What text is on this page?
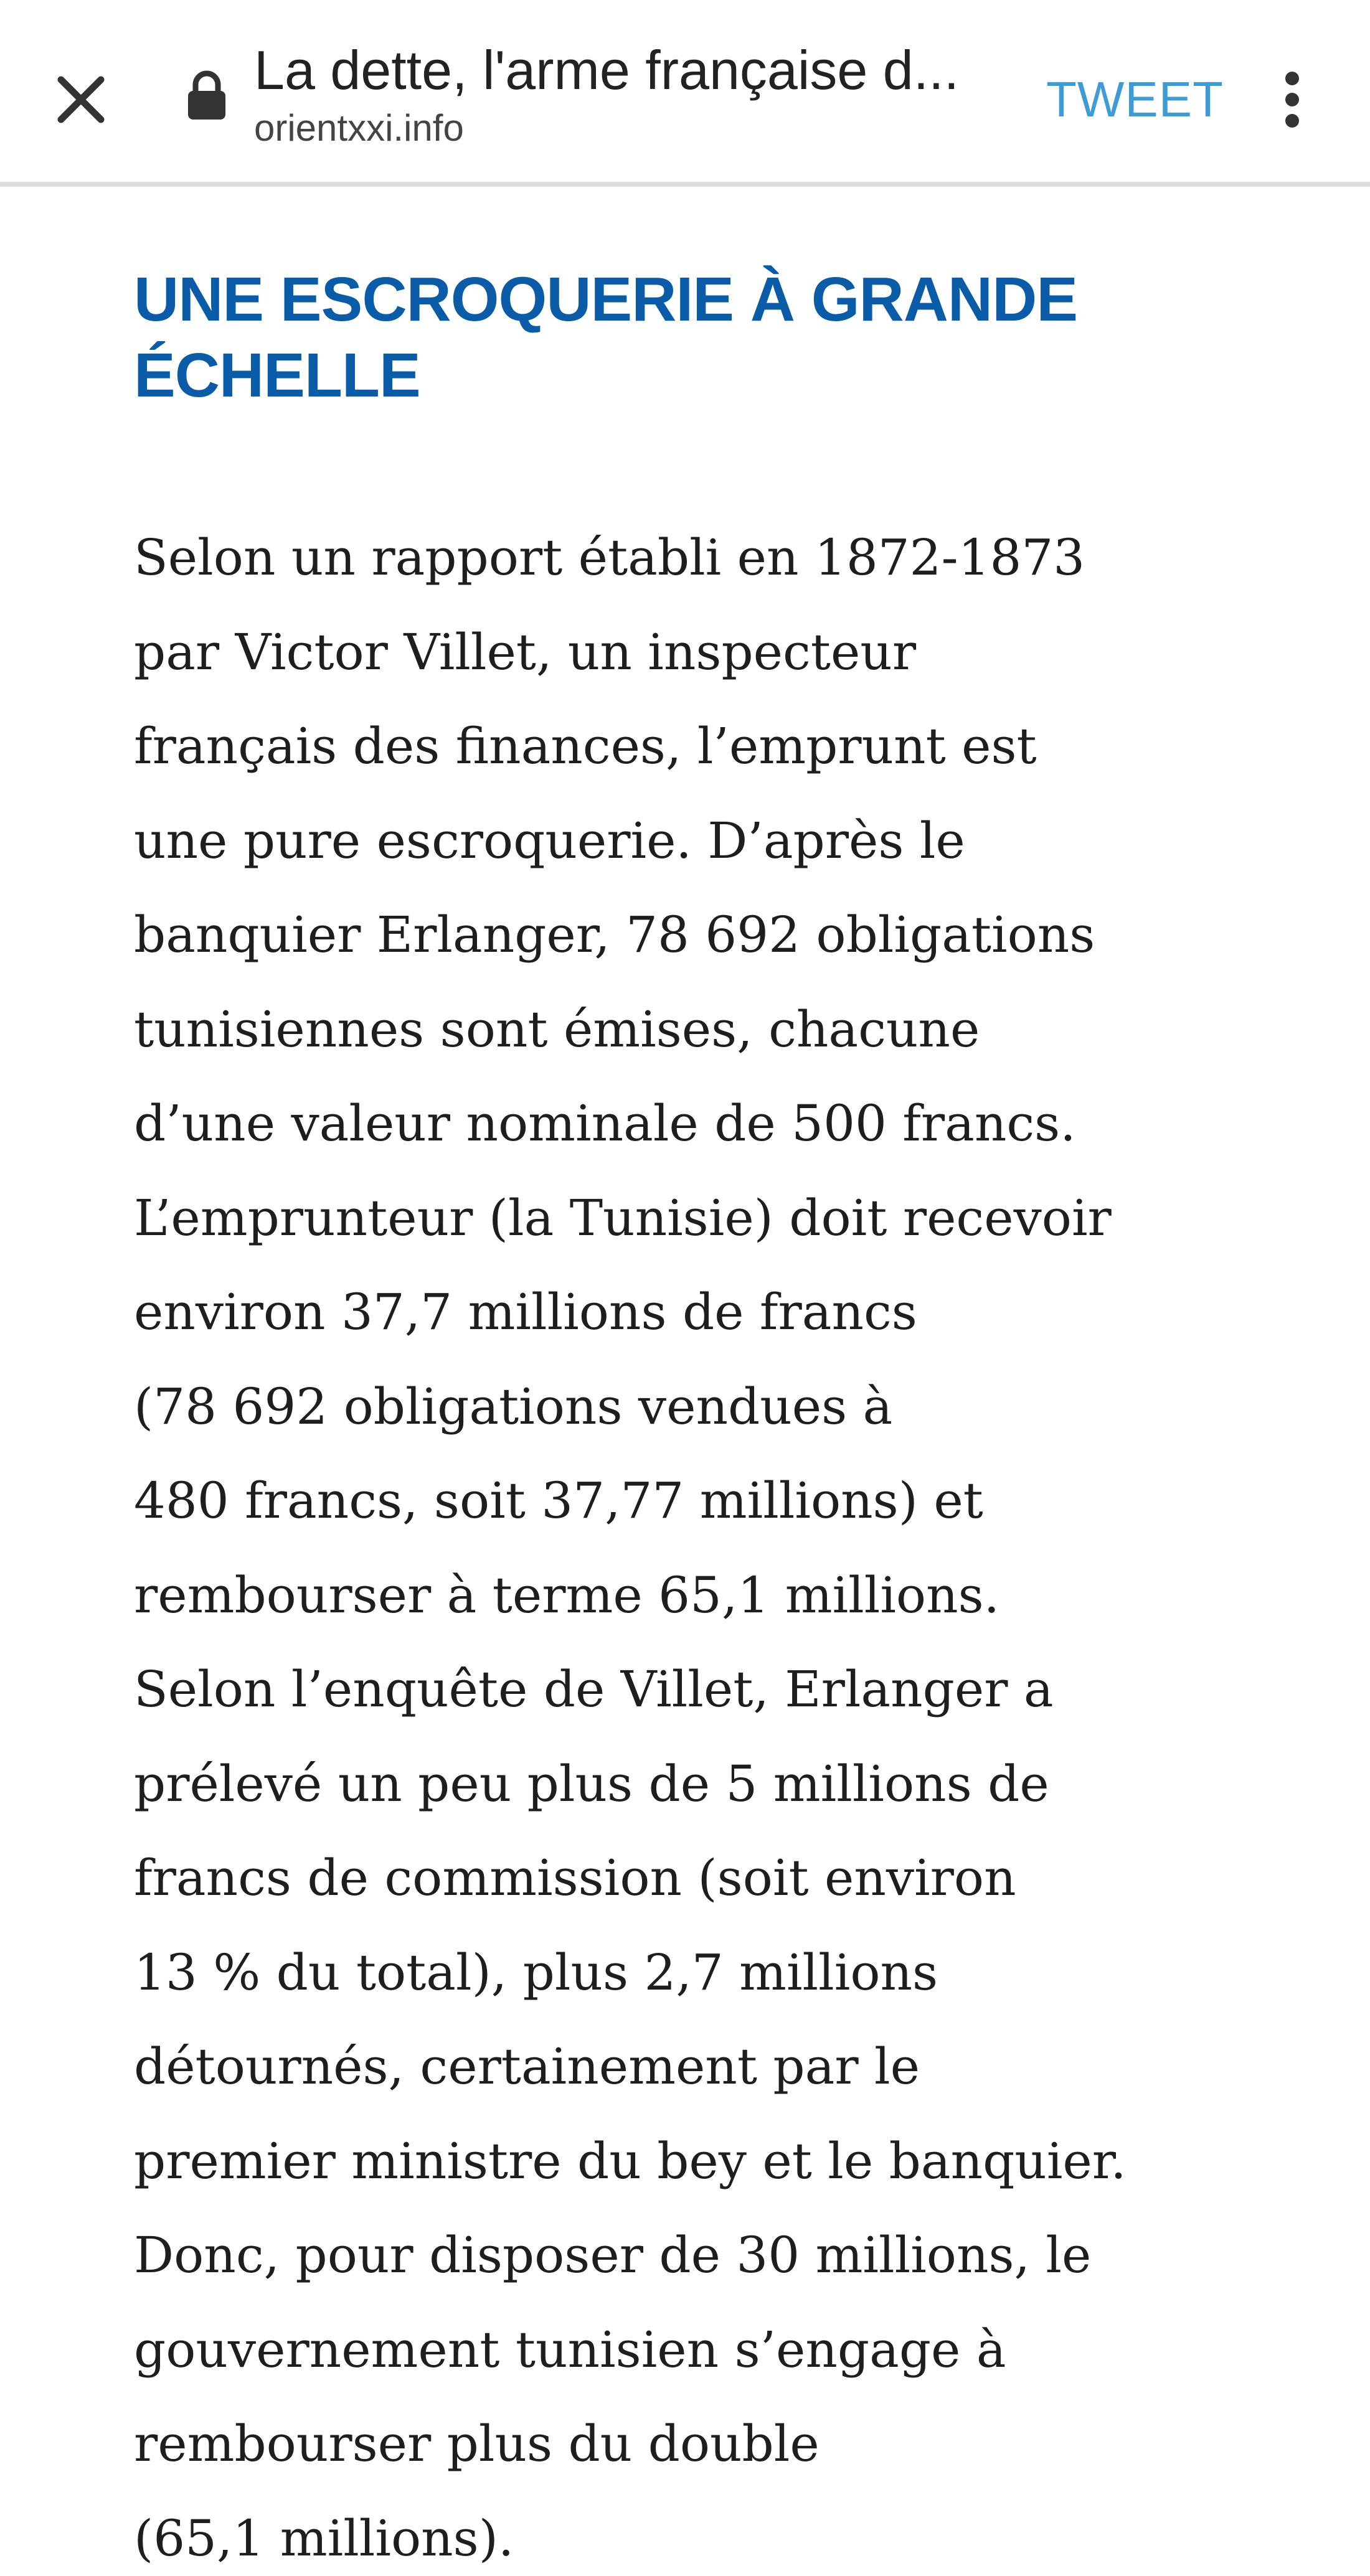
La dette, l'arme française d...
orientxxi.info
TWEET
UNE ESCROQUERIE À GRANDE
ÉCHELLE

Selon un rapport établi en 1872-1873
par Victor Villet, un inspecteur
français des finances, l’emprunt est
une pure escroquerie. D’après le
banquier Erlanger, 78 692 obligations
tunisiennes sont émises, chacune
d’une valeur nominale de 500 francs.
L’emprunteur (la Tunisie) doit recevoir
environ 37,7 millions de francs
(78 692 obligations vendues à
480 francs, soit 37,77 millions) et
rembourser à terme 65,1 millions.
Selon l’enquête de Villet, Erlanger a
prélevé un peu plus de 5 millions de
francs de commission (soit environ
13 % du total), plus 2,7 millions
détournés, certainement par le
premier ministre du bey et le banquier.
Donc, pour disposer de 30 millions, le
gouvernement tunisien s’engage à
rembourser plus du double
(65,1 millions).
